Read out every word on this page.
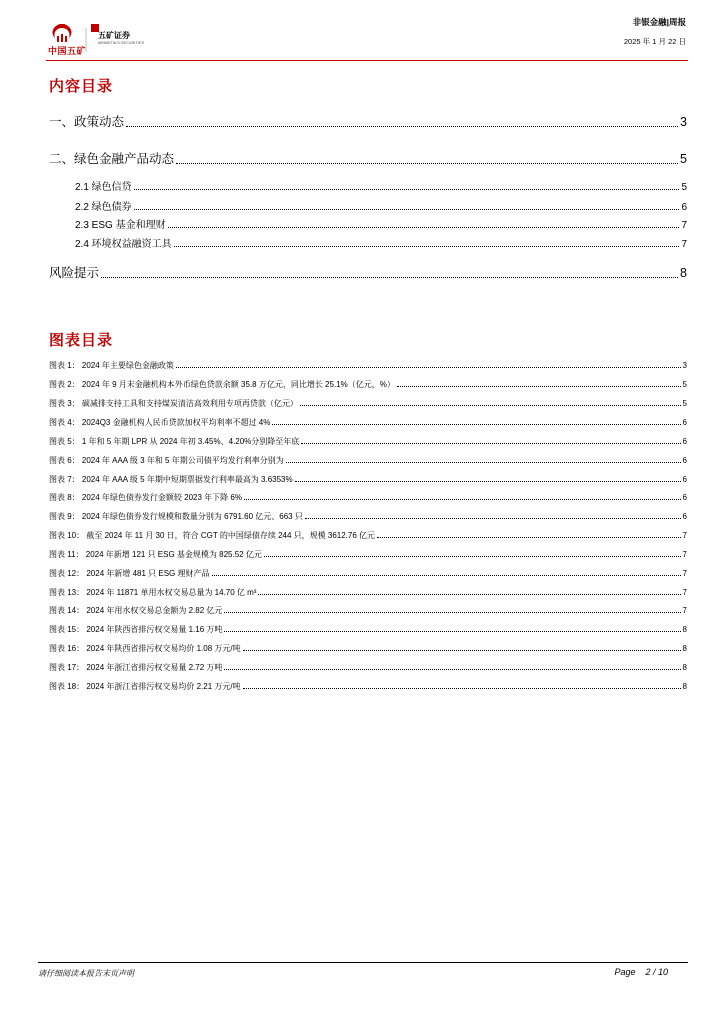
中国五矿
五矿证券
MINMETALS SECURITIES
非银金融|周报
2025 年 1 月 22 日
内容目录
一、政策动态	3
二、绿色金融产品动态	5
2.1 绿色信贷	5
2.2 绿色债券	6
2.3 ESG 基金和理财	7
2.4 环境权益融资工具	7
风险提示	8
图表目录
图表 1： 2024 年主要绿色金融政策	3
图表 2： 2024 年 9 月末金融机构本外币绿色贷款余额 35.8 万亿元，同比增长 25.1%（亿元，%）	5
图表 3： 碳减排支持工具和支持煤炭清洁高效利用专项再贷款（亿元）	5
图表 4： 2024Q3 金融机构人民币贷款加权平均利率不超过 4%	6
图表 5： 1 年和 5 年期 LPR 从 2024 年初 3.45%、4.20%分别降至年底	6
图表 6： 2024 年 AAA 级 3 年和 5 年期公司债平均发行利率分别为	6
图表 7： 2024 年 AAA 级 5 年期中短期票据发行利率最高为 3.6353%	6
图表 8： 2024 年绿色债券发行金额较 2023 年下降 6%	6
图表 9： 2024 年绿色债券发行规模和数量分别为 6791.60 亿元、663 只	6
图表 10： 截至 2024 年 11 月 30 日，符合 CGT 的中国绿债存续 244 只，规模 3612.76 亿元	7
图表 11： 2024 年新增 121 只 ESG 基金规模为 825.52 亿元	7
图表 12： 2024 年新增 481 只 ESG 理财产品	7
图表 13： 2024 年 11871 单用水权交易总量为 14.70 亿 m³	7
图表 14： 2024 年用水权交易总金额为 2.82 亿元	7
图表 15： 2024 年陕西省排污权交易量 1.16 万吨	8
图表 16： 2024 年陕西省排污权交易均价 1.08 万元/吨	8
图表 17： 2024 年浙江省排污权交易量 2.72 万吨	8
图表 18： 2024 年浙江省排污权交易均价 2.21 万元/吨	8
请仔细阅读本报告末页声明	Page 2 / 10
